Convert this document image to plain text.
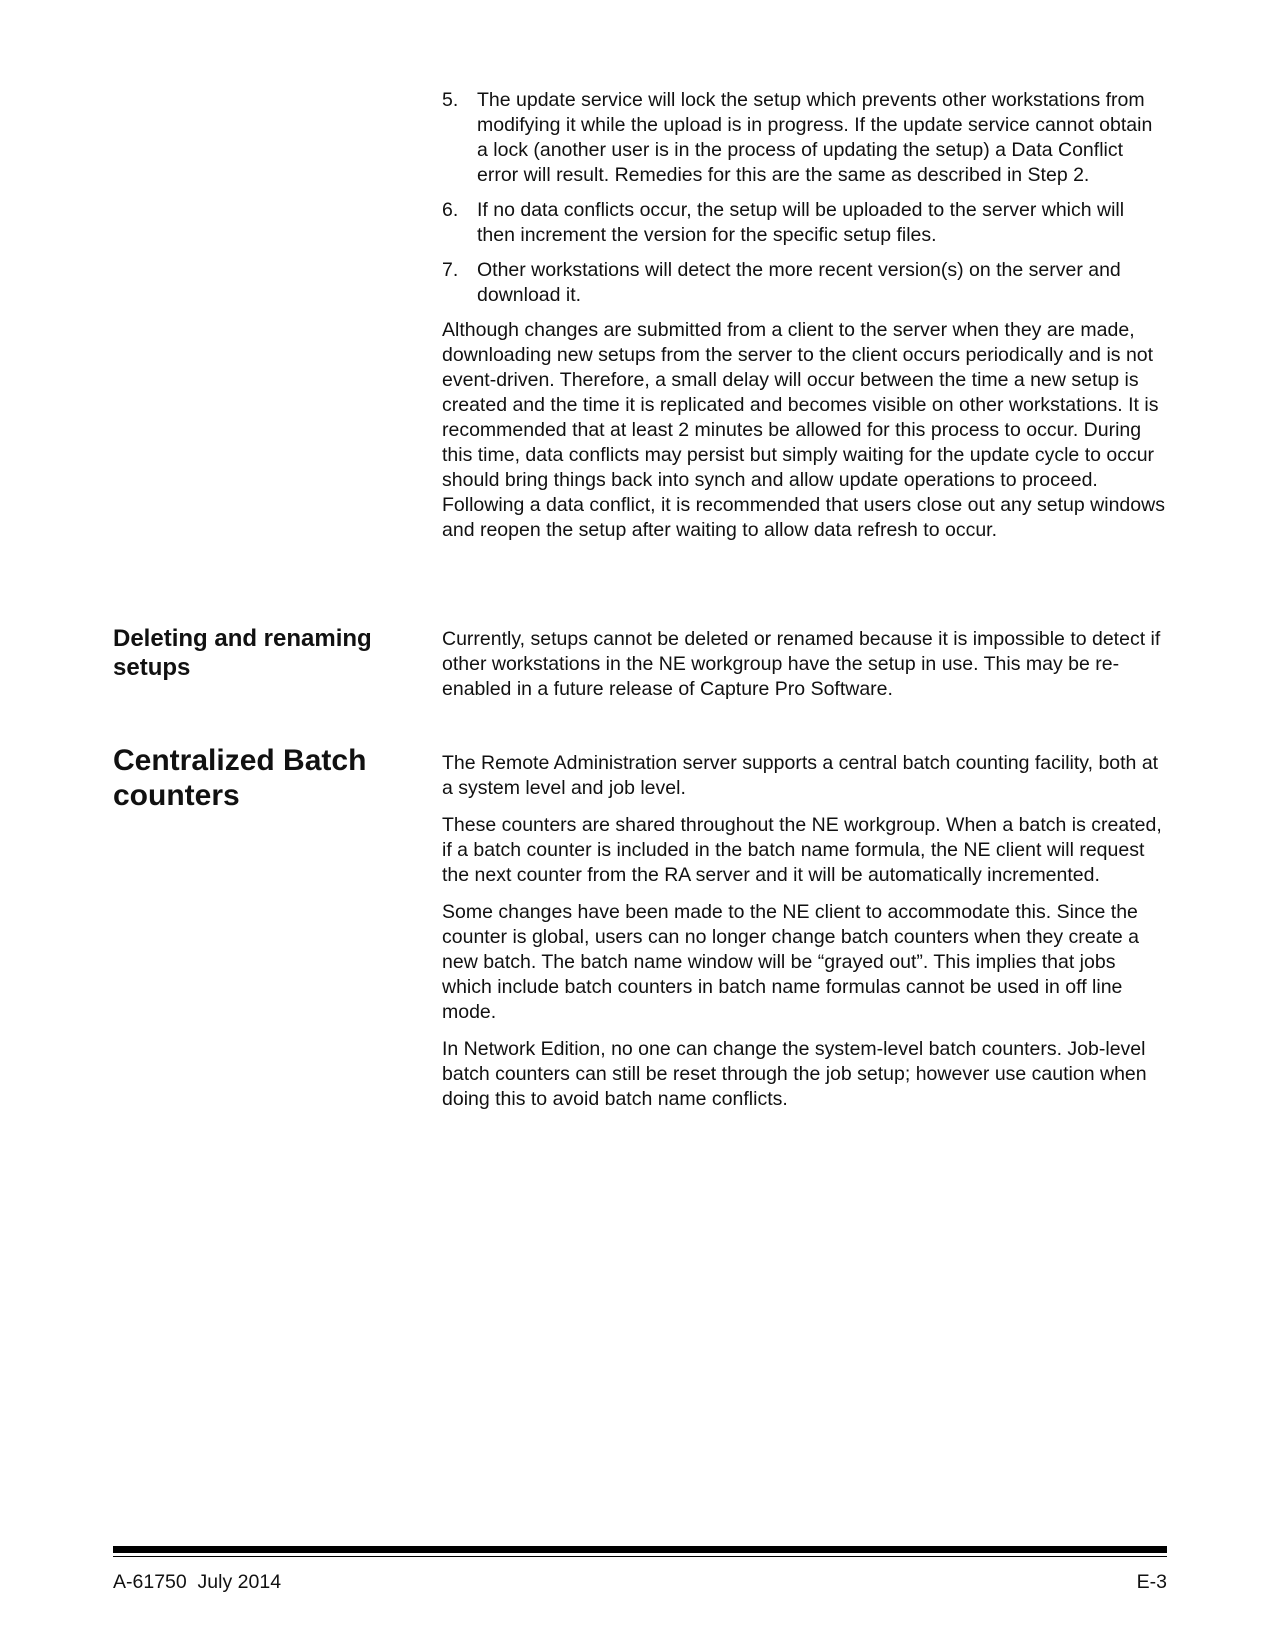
5. The update service will lock the setup which prevents other workstations from modifying it while the upload is in progress. If the update service cannot obtain a lock (another user is in the process of updating the setup) a Data Conflict error will result. Remedies for this are the same as described in Step 2.
6. If no data conflicts occur, the setup will be uploaded to the server which will then increment the version for the specific setup files.
7. Other workstations will detect the more recent version(s) on the server and download it.

Although changes are submitted from a client to the server when they are made, downloading new setups from the server to the client occurs periodically and is not event-driven. Therefore, a small delay will occur between the time a new setup is created and the time it is replicated and becomes visible on other workstations. It is recommended that at least 2 minutes be allowed for this process to occur. During this time, data conflicts may persist but simply waiting for the update cycle to occur should bring things back into synch and allow update operations to proceed. Following a data conflict, it is recommended that users close out any setup windows and reopen the setup after waiting to allow data refresh to occur.

Deleting and renaming setups

Currently, setups cannot be deleted or renamed because it is impossible to detect if other workstations in the NE workgroup have the setup in use. This may be re-enabled in a future release of Capture Pro Software.

Centralized Batch counters

The Remote Administration server supports a central batch counting facility, both at a system level and job level.

These counters are shared throughout the NE workgroup. When a batch is created, if a batch counter is included in the batch name formula, the NE client will request the next counter from the RA server and it will be automatically incremented.

Some changes have been made to the NE client to accommodate this. Since the counter is global, users can no longer change batch counters when they create a new batch. The batch name window will be “grayed out”. This implies that jobs which include batch counters in batch name formulas cannot be used in off line mode.

In Network Edition, no one can change the system-level batch counters. Job-level batch counters can still be reset through the job setup; however use caution when doing this to avoid batch name conflicts.

A-61750  July 2014	E-3
